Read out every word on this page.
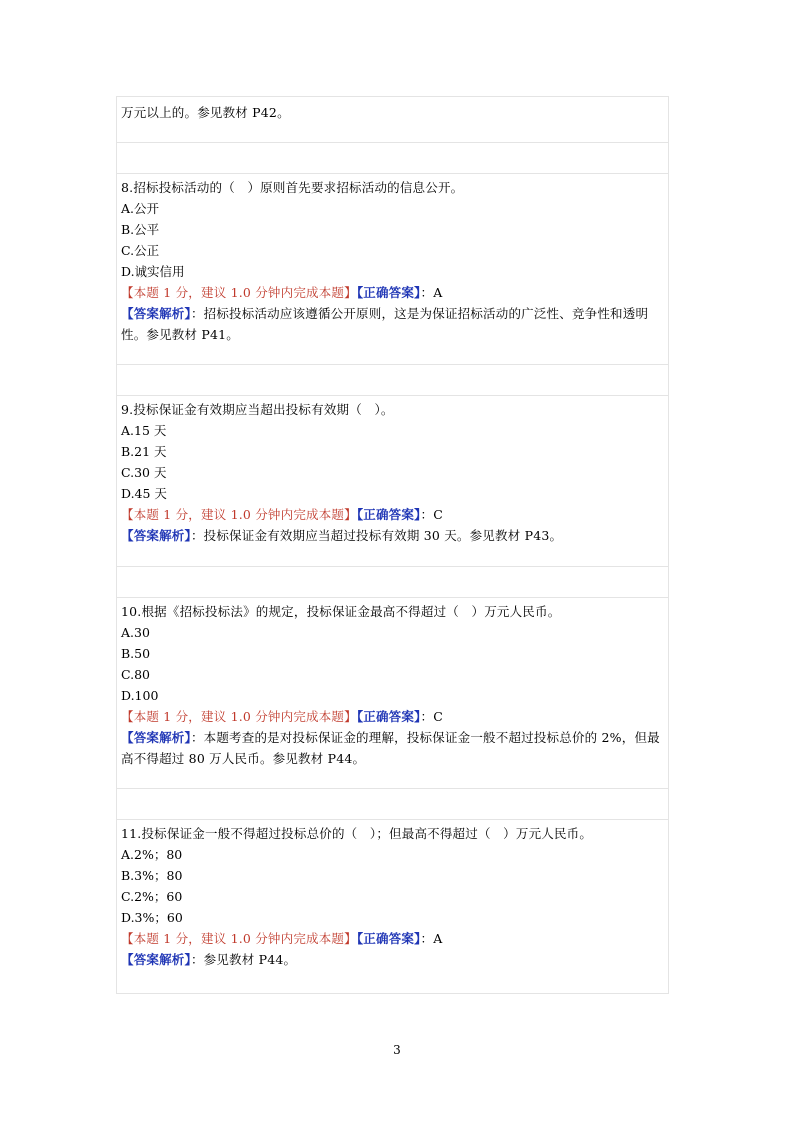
万元以上的。参见教材 P42。
8.招标投标活动的（   ）原则首先要求招标活动的信息公开。
A.公开
B.公平
C.公正
D.诚实信用
【本题 1 分，建议 1.0 分钟内完成本题】【正确答案】：A
【答案解析】：招标投标活动应该遵循公开原则，这是为保证招标活动的广泛性、竞争性和透明性。参见教材 P41。
9.投标保证金有效期应当超出投标有效期（   ）。
A.15 天
B.21 天
C.30 天
D.45 天
【本题 1 分，建议 1.0 分钟内完成本题】【正确答案】：C
【答案解析】：投标保证金有效期应当超过投标有效期 30 天。参见教材 P43。
10.根据《招标投标法》的规定，投标保证金最高不得超过（   ）万元人民币。
A.30
B.50
C.80
D.100
【本题 1 分，建议 1.0 分钟内完成本题】【正确答案】：C
【答案解析】：本题考查的是对投标保证金的理解，投标保证金一般不超过投标总价的 2%，但最高不得超过 80 万人民币。参见教材 P44。
11.投标保证金一般不得超过投标总价的（   ）；但最高不得超过（   ）万元人民币。
A.2%；80
B.3%；80
C.2%；60
D.3%；60
【本题 1 分，建议 1.0 分钟内完成本题】【正确答案】：A
【答案解析】：参见教材 P44。
3
